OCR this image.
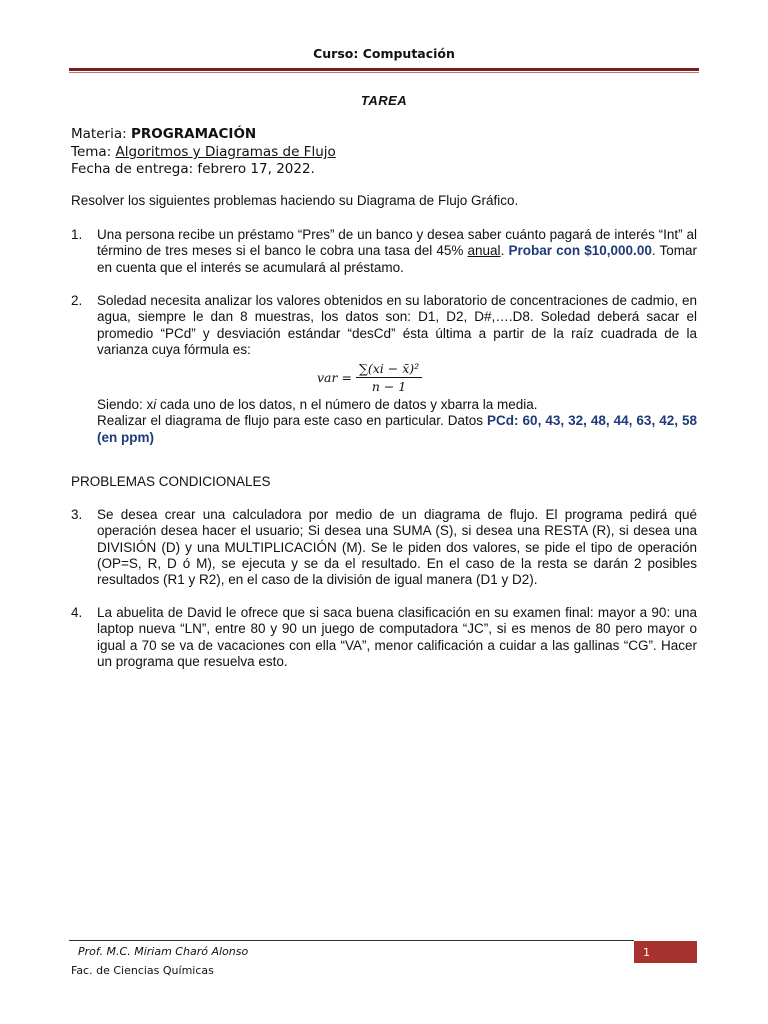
Curso: Computación
TAREA
Materia: PROGRAMACIÓN
Tema: Algoritmos y Diagramas de Flujo
Fecha de entrega: febrero 17, 2022.
Resolver los siguientes problemas haciendo su Diagrama de Flujo Gráfico.
1. Una persona recibe un préstamo “Pres” de un banco y desea saber cuánto pagará de interés “Int” al término de tres meses si el banco le cobra una tasa del 45% anual. Probar con $10,000.00. Tomar en cuenta que el interés se acumulará al préstamo.
2. Soledad necesita analizar los valores obtenidos en su laboratorio de concentraciones de cadmio, en agua, siempre le dan 8 muestras, los datos son: D1, D2, D#,….D8. Soledad deberá sacar el promedio “PCd” y desviación estándar “desCd” ésta última a partir de la raíz cuadrada de la varianza cuya fórmula es:
var = $\frac{\text{∑(xi − x̄)²}}{n - 1}$
Siendo: xi cada uno de los datos, n el número de datos y xbarra la media.
Realizar el diagrama de flujo para este caso en particular. Datos PCd: 60, 43, 32, 48, 44, 63, 42, 58 (en ppm)
PROBLEMAS CONDICIONALES
3. Se desea crear una calculadora por medio de un diagrama de flujo. El programa pedirá qué operación desea hacer el usuario; Si desea una SUMA (S), si desea una RESTA (R), si desea una DIVISIÓN (D) y una MULTIPLICACIÓN (M). Se le piden dos valores, se pide el tipo de operación (OP=S, R, D ó M), se ejecuta y se da el resultado. En el caso de la resta se darán 2 posibles resultados (R1 y R2), en el caso de la división de igual manera (D1 y D2).
4. La abuelita de David le ofrece que si saca buena clasificación en su examen final: mayor a 90: una laptop nueva “LN”, entre 80 y 90 un juego de computadora “JC”, si es menos de 80 pero mayor o igual a 70 se va de vacaciones con ella “VA”, menor calificación a cuidar a las gallinas “CG”. Hacer un programa que resuelva esto.
Prof. M.C. Miriam Charó Alonso	1
Fac. de Ciencias Químicas
